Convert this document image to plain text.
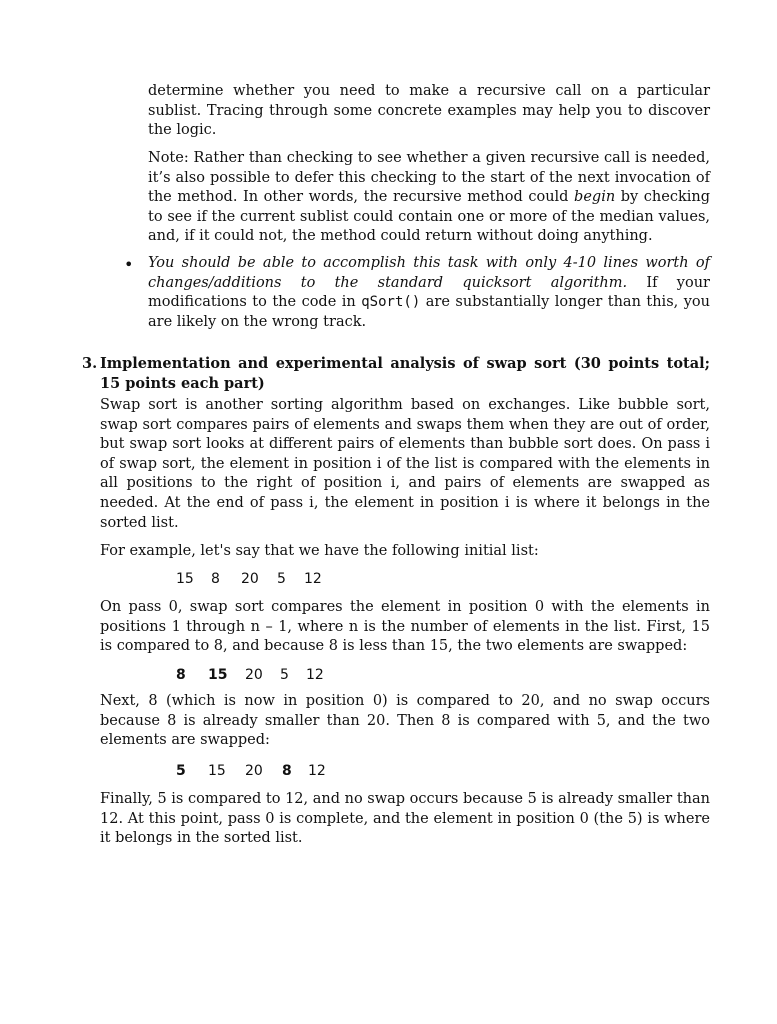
determine whether you need to make a recursive call on a particular sublist. Tracing through some concrete examples may help you to discover the logic.
Note: Rather than checking to see whether a given recursive call is needed, it’s also possible to defer this checking to the start of the next invocation of the method. In other words, the recursive method could begin by checking to see if the current sublist could contain one or more of the median values, and, if it could not, the method could return without doing anything.
• You should be able to accomplish this task with only 4-10 lines worth of changes/additions to the standard quicksort algorithm. If your modifications to the code in qSort() are substantially longer than this, you are likely on the wrong track.
3. Implementation and experimental analysis of swap sort (30 points total; 15 points each part)
Swap sort is another sorting algorithm based on exchanges. Like bubble sort, swap sort compares pairs of elements and swaps them when they are out of order, but swap sort looks at different pairs of elements than bubble sort does. On pass i of swap sort, the element in position i of the list is compared with the elements in all positions to the right of position i, and pairs of elements are swapped as needed. At the end of pass i, the element in position i is where it belongs in the sorted list.
For example, let's say that we have the following initial list:
15 8 20 5 12
On pass 0, swap sort compares the element in position 0 with the elements in positions 1 through n – 1, where n is the number of elements in the list. First, 15 is compared to 8, and because 8 is less than 15, the two elements are swapped:
8 15 20 5 12
Next, 8 (which is now in position 0) is compared to 20, and no swap occurs because 8 is already smaller than 20. Then 8 is compared with 5, and the two elements are swapped:
5 15 20 8 12
Finally, 5 is compared to 12, and no swap occurs because 5 is already smaller than 12. At this point, pass 0 is complete, and the element in position 0 (the 5) is where it belongs in the sorted list.
